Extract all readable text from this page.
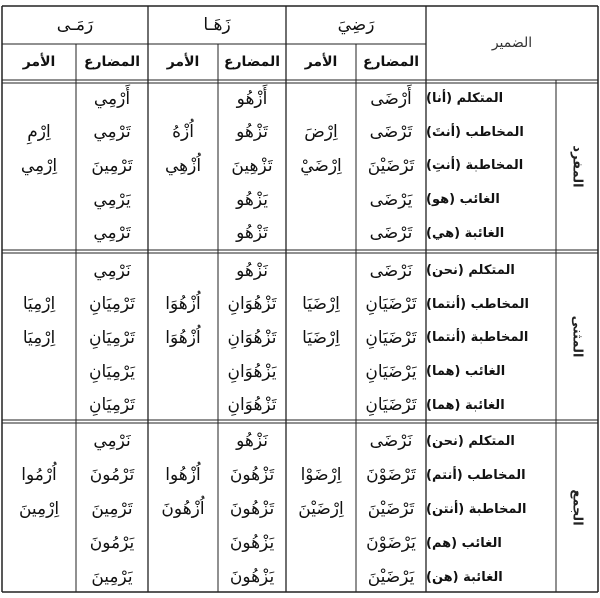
الضمير
رَضِيَ
زَهَـا
رَمَـى
المضارع
الأمر
المضارع
الأمر
المضارع
الأمر
المفرد
المثنى
الجمع
المتكلم (أنا)
أَرْضَى
أَزْهُو
أَرْمِي
المخاطب (أنتَ)
تَرْضَى
اِرْضَ
تَزْهُو
اُزْهُ
تَرْمِي
اِرْمِ
المخاطبة (أنتِ)
تَرْضَيْنَ
اِرْضَيْ
تَزْهِينَ
اُزْهِي
تَرْمِينَ
اِرْمِي
الغائب (هو)
يَرْضَى
يَزْهُو
يَرْمِي
الغائبة (هي)
تَرْضَى
تَزْهُو
تَرْمِي
المتكلم (نحن)
نَرْضَى
نَزْهُو
نَرْمِي
المخاطب (أنتما)
تَرْضَيَانِ
اِرْضَيَا
تَزْهُوَانِ
اُزْهُوَا
تَرْمِيَانِ
اِرْمِيَا
المخاطبة (أنتما)
تَرْضَيَانِ
اِرْضَيَا
تَزْهُوَانِ
اُزْهُوَا
تَرْمِيَانِ
اِرْمِيَا
الغائب (هما)
يَرْضَيَانِ
يَزْهُوَانِ
يَرْمِيَانِ
الغائبة (هما)
تَرْضَيَانِ
تَزْهُوَانِ
تَرْمِيَانِ
المتكلم (نحن)
نَرْضَى
نَزْهُو
نَرْمِي
المخاطب (أنتم)
تَرْضَوْنَ
اِرْضَوْا
تَزْهُونَ
اُزْهُوا
تَرْمُونَ
اُرْمُوا
المخاطبة (أنتن)
تَرْضَيْنَ
اِرْضَيْنَ
تَزْهُونَ
اُزْهُونَ
تَرْمِينَ
اِرْمِينَ
الغائب (هم)
يَرْضَوْنَ
يَزْهُونَ
يَرْمُونَ
الغائبة (هن)
يَرْضَيْنَ
يَزْهُونَ
يَرْمِينَ
